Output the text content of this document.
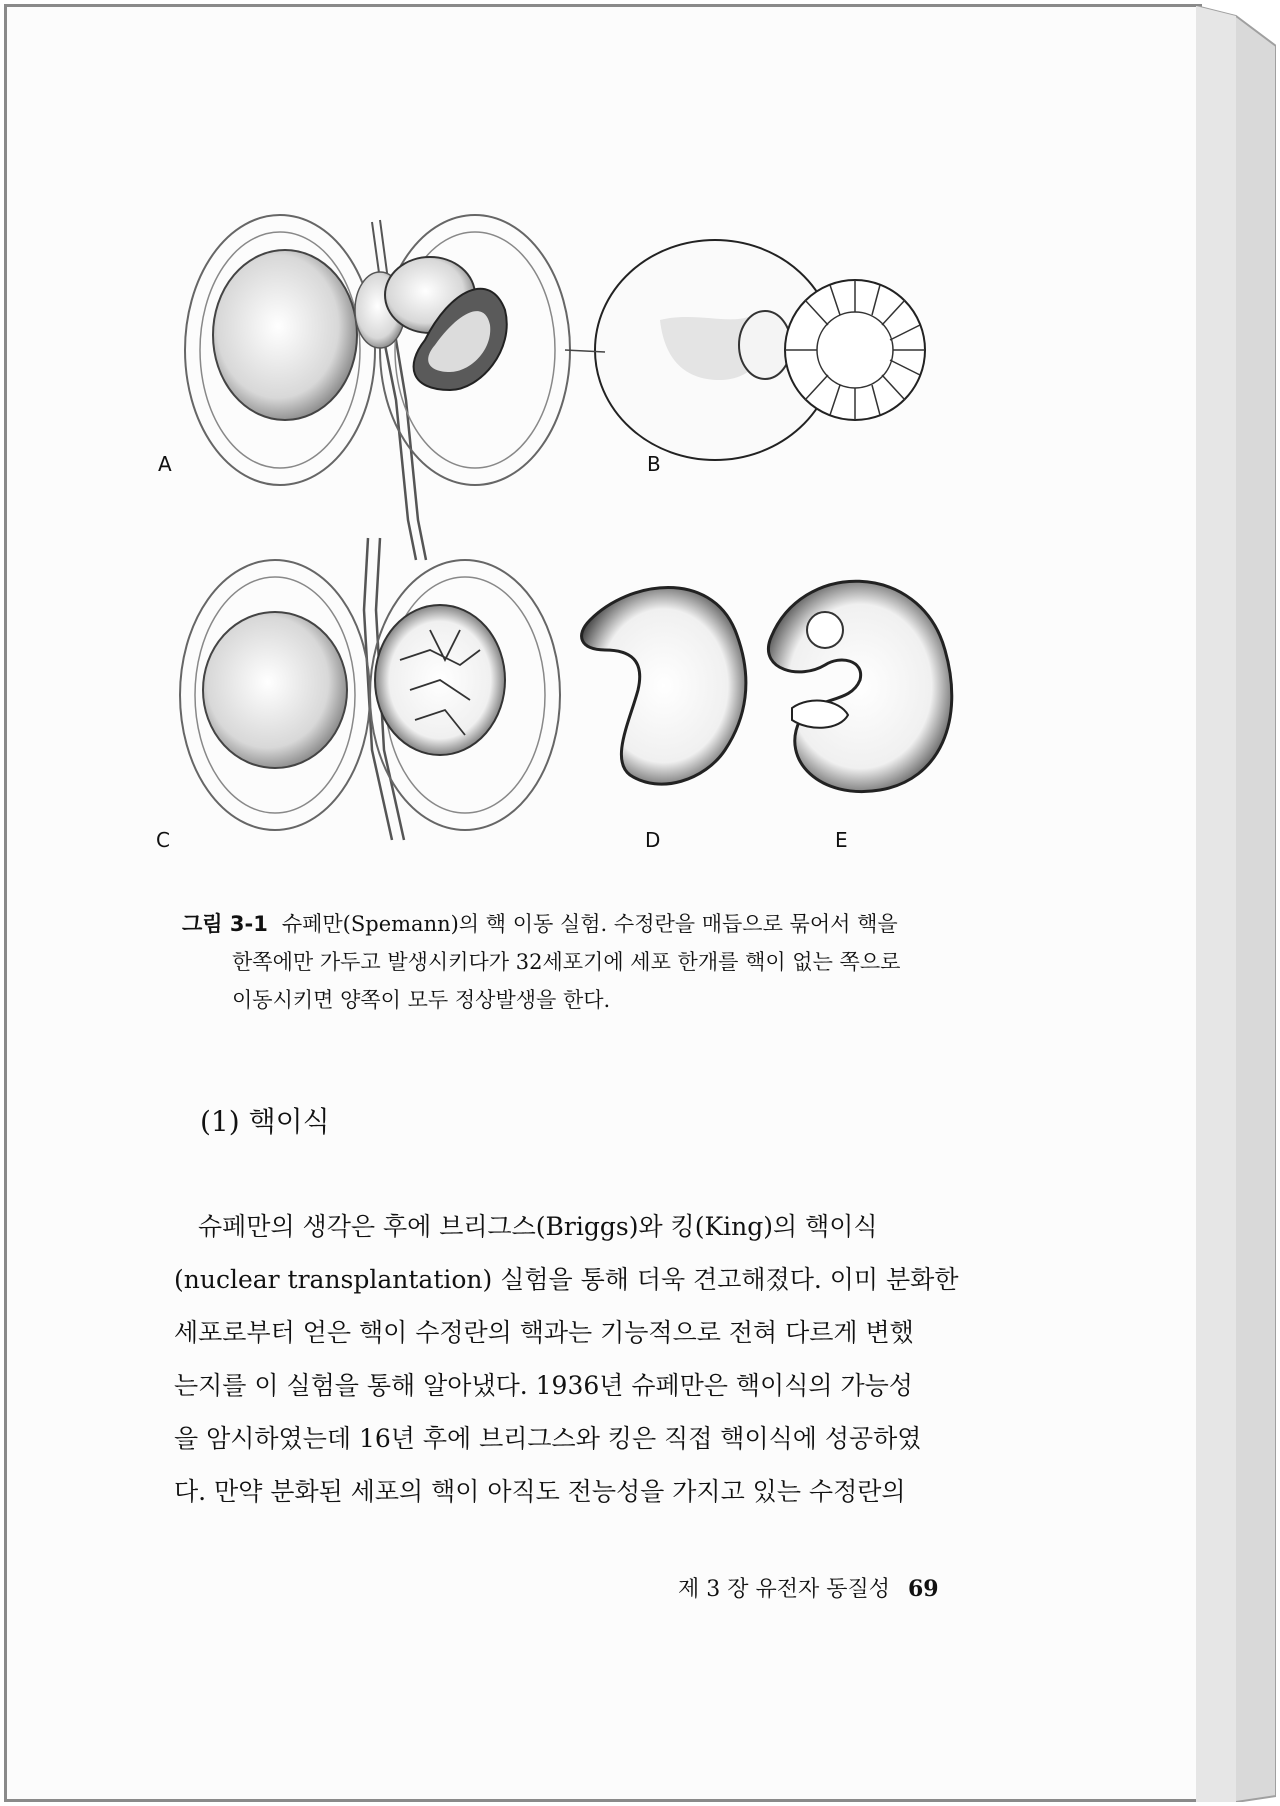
A	B
C	D	E
그림 3-1 슈페만(Spemann)의 핵 이동 실험. 수정란을 매듭으로 묶어서 핵을
한쪽에만 가두고 발생시키다가 32세포기에 세포 한개를 핵이 없는 쪽으로
이동시키면 양쪽이 모두 정상발생을 한다.
(1) 핵이식
슈페만의 생각은 후에 브리그스(Briggs)와 킹(King)의 핵이식
(nuclear transplantation) 실험을 통해 더욱 견고해졌다. 이미 분화한
세포로부터 얻은 핵이 수정란의 핵과는 기능적으로 전혀 다르게 변했
는지를 이 실험을 통해 알아냈다. 1936년 슈페만은 핵이식의 가능성
을 암시하였는데 16년 후에 브리그스와 킹은 직접 핵이식에 성공하였
다. 만약 분화된 세포의 핵이 아직도 전능성을 가지고 있는 수정란의
제 3 장 유전자 동질성 69
